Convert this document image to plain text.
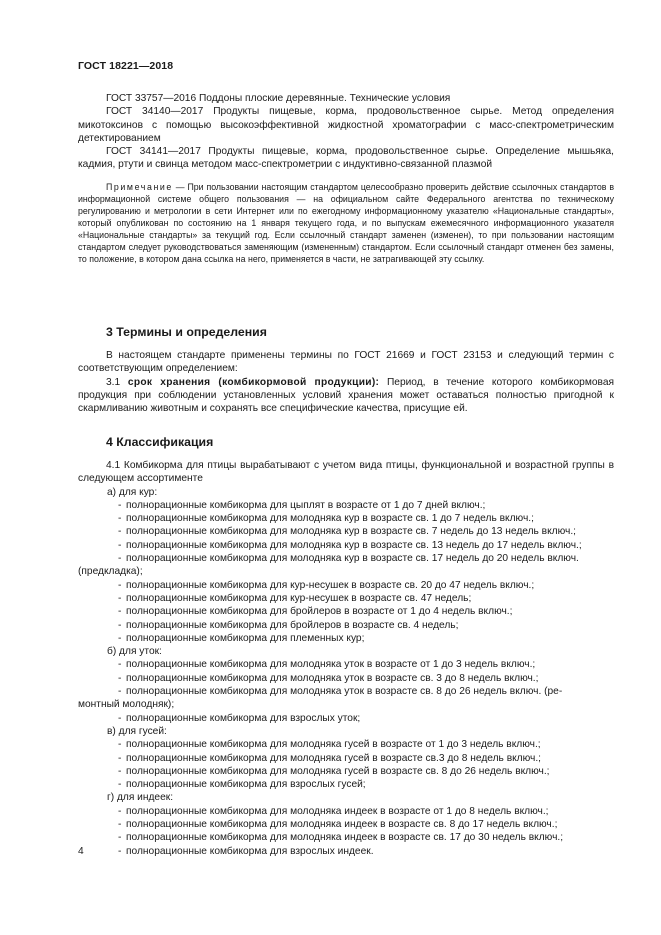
ГОСТ 18221—2018

ГОСТ 33757—2016 Поддоны плоские деревянные. Технические условия

ГОСТ 34140—2017 Продукты пищевые, корма, продовольственное сырье. Метод определения микотоксинов с помощью высокоэффективной жидкостной хроматографии с масс-спектрометрическим детектированием

ГОСТ 34141—2017 Продукты пищевые, корма, продовольственное сырье. Определение мышьяка, кадмия, ртути и свинца методом масс-спектрометрии с индуктивно-связанной плазмой

Примечание — При пользовании настоящим стандартом целесообразно проверить действие ссылочных стандартов в информационной системе общего пользования — на официальном сайте Федерального агентства по техническому регулированию и метрологии в сети Интернет или по ежегодному информационному указателю «Национальные стандарты», который опубликован по состоянию на 1 января текущего года, и по выпускам ежемесячного информационного указателя «Национальные стандарты» за текущий год. Если ссылочный стандарт заменен (изменен), то при пользовании настоящим стандартом следует руководствоваться заменяющим (измененным) стандартом. Если ссылочный стандарт отменен без замены, то положение, в котором дана ссылка на него, применяется в части, не затрагивающей эту ссылку.

3 Термины и определения

В настоящем стандарте применены термины по ГОСТ 21669 и ГОСТ 23153 и следующий термин с соответствующим определением:

3.1 срок хранения (комбикормовой продукции): Период, в течение которого комбикормовая продукция при соблюдении установленных условий хранения может оставаться полностью пригодной к скармливанию животным и сохранять все специфические качества, присущие ей.

4 Классификация

4.1 Комбикорма для птицы вырабатывают с учетом вида птицы, функциональной и возрастной группы в следующем ассортименте

а) для кур:

- полнорационные комбикорма для цыплят в возрасте от 1 до 7 дней включ.;

- полнорационные комбикорма для молодняка кур в возрасте св. 1 до 7 недель включ.;

- полнорационные комбикорма для молодняка кур в возрасте св. 7 недель до 13 недель включ.;

- полнорационные комбикорма для молодняка кур в возрасте св. 13 недель до 17 недель включ.;

- полнорационные комбикорма для молодняка кур в возрасте св. 17 недель до 20 недель включ.

(предкладка);

- полнорационные комбикорма для кур-несушек в возрасте св. 20 до 47 недель включ.;

- полнорационные комбикорма для кур-несушек в возрасте св. 47 недель;

- полнорационные комбикорма для бройлеров в возрасте от 1 до 4 недель включ.;

- полнорационные комбикорма для бройлеров в возрасте св. 4 недель;

- полнорационные комбикорма для племенных кур;

б) для уток:

- полнорационные комбикорма для молодняка уток в возрасте от 1 до 3 недель включ.;

- полнорационные комбикорма для молодняка уток в возрасте св. 3 до 8 недель включ.;

- полнорационные комбикорма для молодняка уток в возрасте св. 8 до 26 недель включ. (ре-

монтный молодняк);

- полнорационные комбикорма для взрослых уток;

в) для гусей:

- полнорационные комбикорма для молодняка гусей в возрасте от 1 до 3 недель включ.;

- полнорационные комбикорма для молодняка гусей в возрасте св.3 до 8 недель включ.;

- полнорационные комбикорма для молодняка гусей в возрасте св. 8 до 26 недель включ.;

- полнорационные комбикорма для взрослых гусей;

г) для индеек:

- полнорационные комбикорма для молодняка индеек в возрасте от 1 до 8 недель включ.;

- полнорационные комбикорма для молодняка индеек в возрасте св. 8 до 17 недель включ.;

- полнорационные комбикорма для молодняка индеек в возрасте св. 17 до 30 недель включ.;

- полнорационные комбикорма для взрослых индеек.

4
